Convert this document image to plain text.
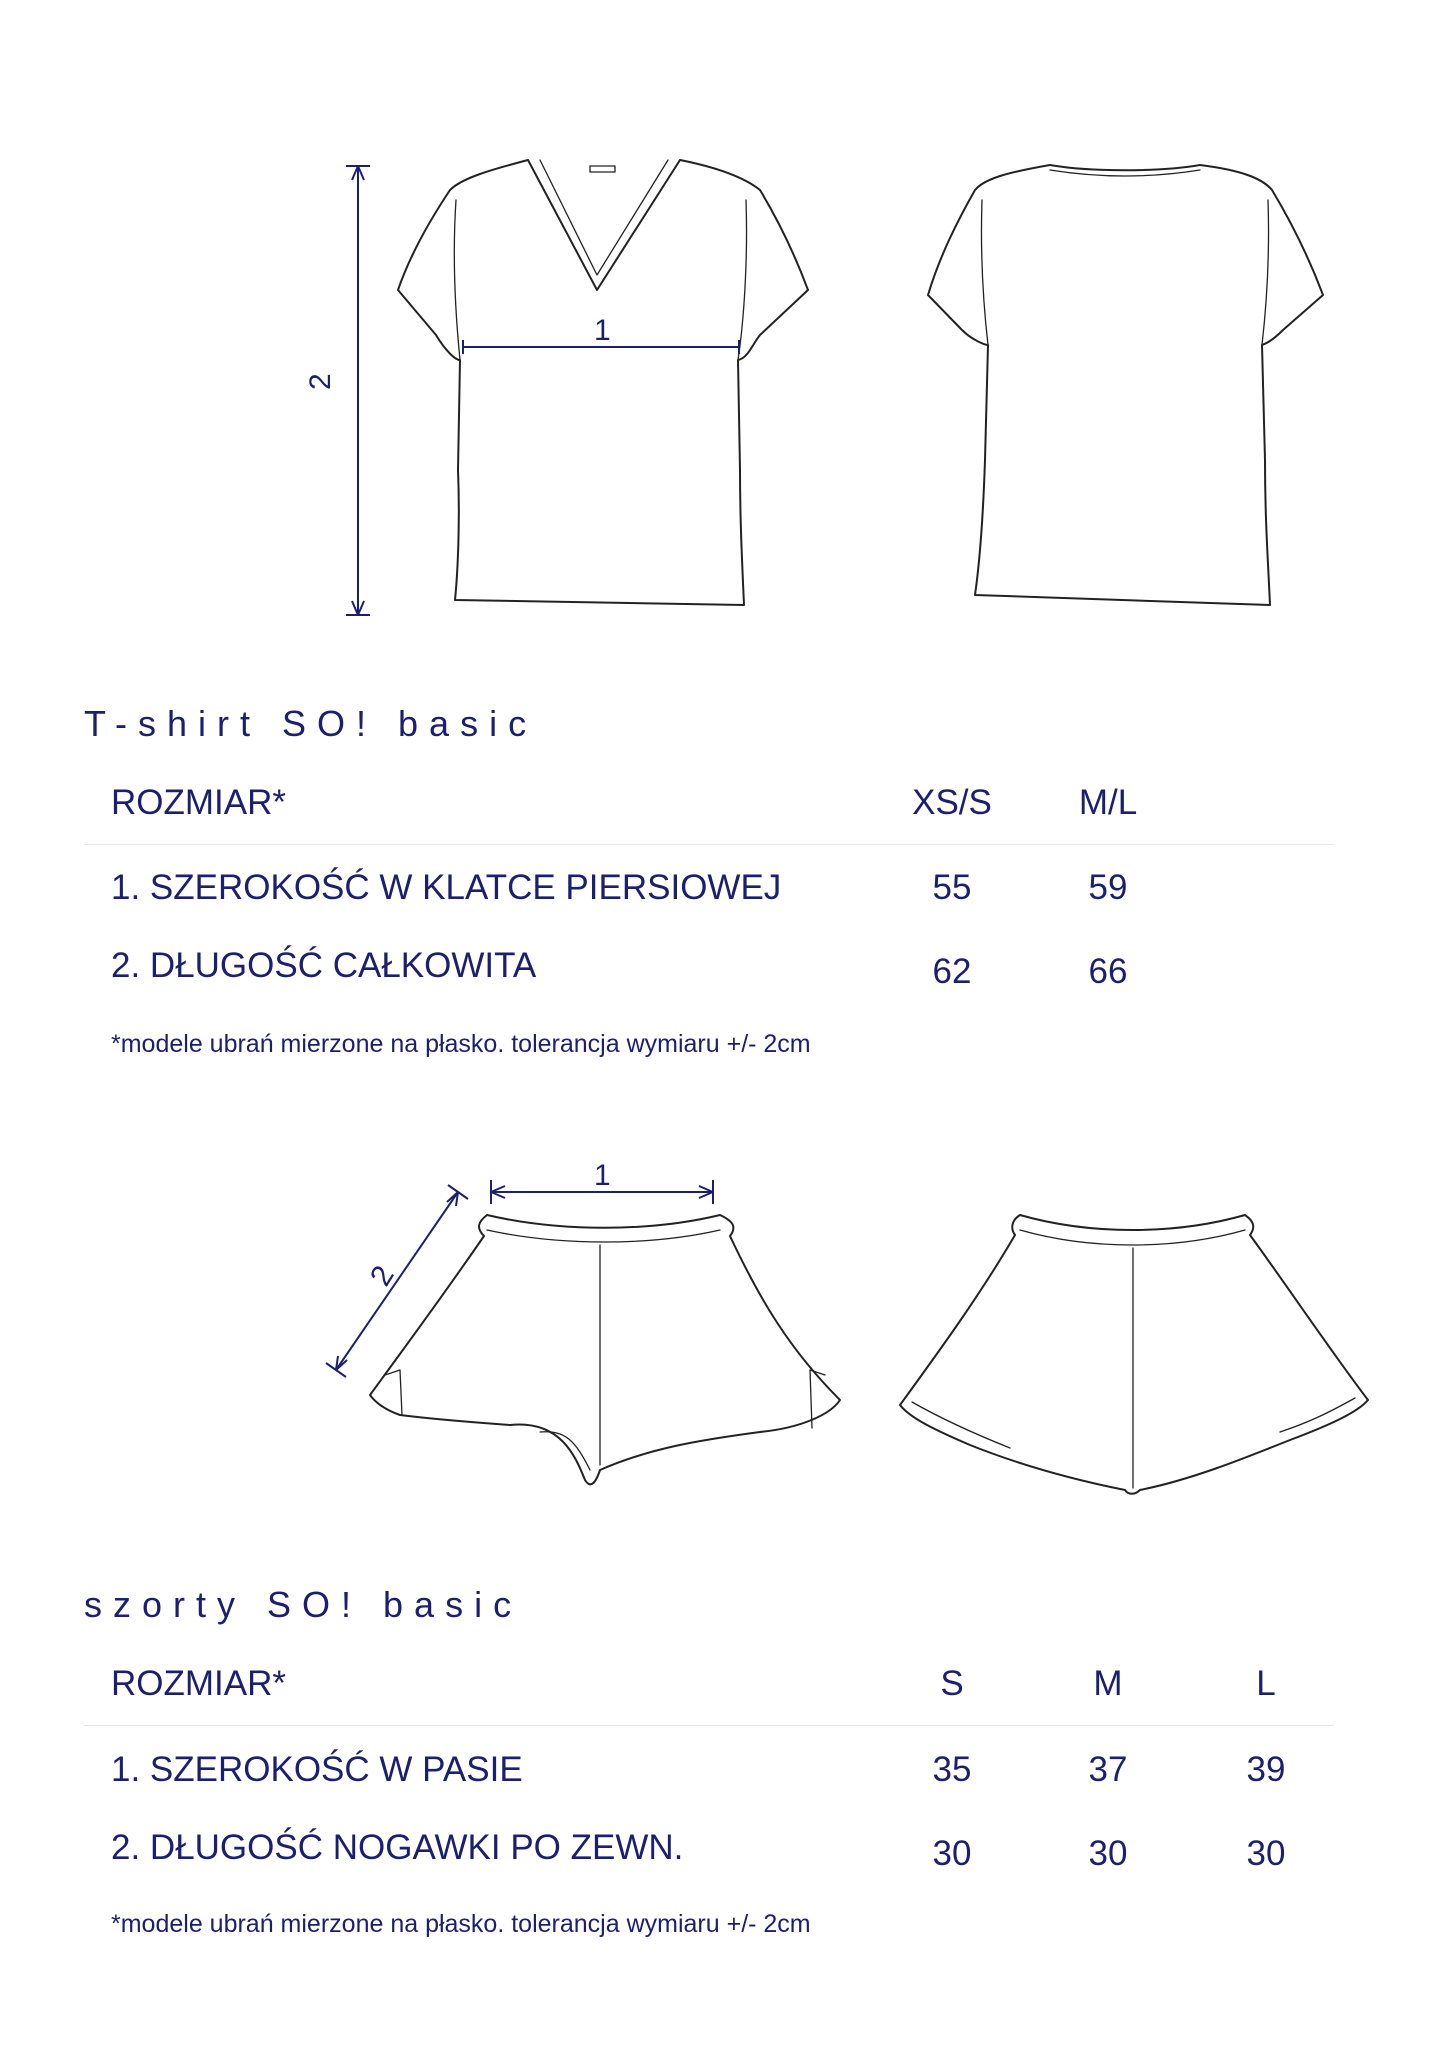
1
2
T-shirt SO! basic
ROZMIAR*	XS/S	M/L
1. SZEROKOŚĆ W KLATCE PIERSIOWEJ	55	59
2. DŁUGOŚĆ CAŁKOWITA	62	66
*modele ubrań mierzone na płasko. tolerancja wymiaru +/- 2cm
1
2
szorty SO! basic
ROZMIAR*	S	M	L
1. SZEROKOŚĆ W PASIE	35	37	39
2. DŁUGOŚĆ NOGAWKI PO ZEWN.	30	30	30
*modele ubrań mierzone na płasko. tolerancja wymiaru +/- 2cm
